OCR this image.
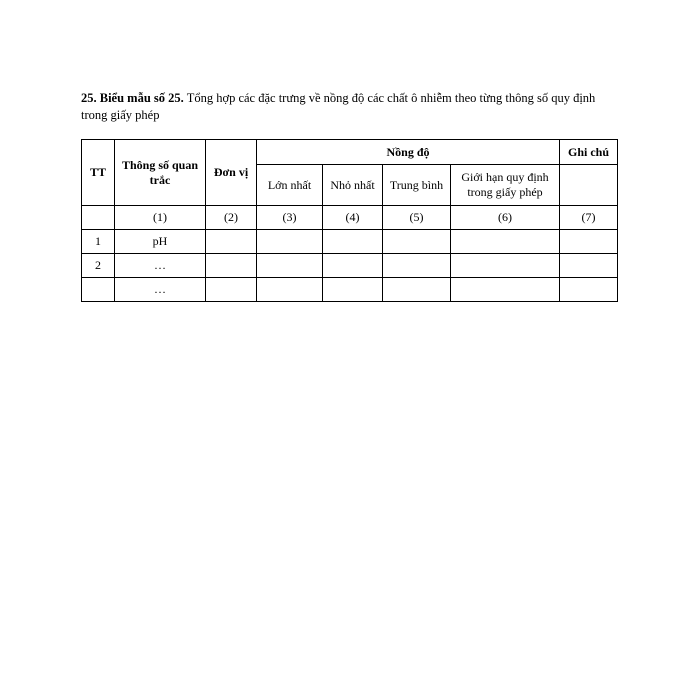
25. Biểu mẫu số 25. Tổng hợp các đặc trưng về nồng độ các chất ô nhiễm theo từng thông số quy định trong giấy phép
TT	Thông số quan trắc	Đơn vị	Nồng độ				Ghi chú
			Lớn nhất	Nhỏ nhất	Trung bình	Giới hạn quy định trong giấy phép	
	(1)	(2)	(3)	(4)	(5)	(6)	(7)
1	pH						
2	…						
	…						
